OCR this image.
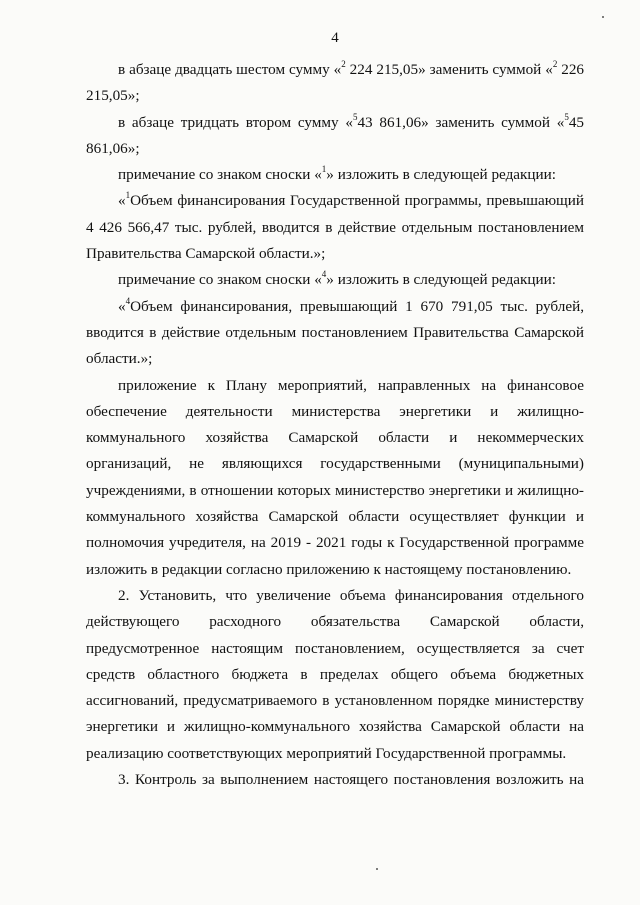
4

в абзаце двадцать шестом сумму «$^2$ 224 215,05» заменить суммой «$^2$ 226 215,05»;

в абзаце тридцать втором сумму «$^5$43 861,06» заменить суммой «$^5$45 861,06»;

примечание со знаком сноски «$^1$» изложить в следующей редакции:

«$^1$Объем финансирования Государственной программы, превышающий 4 426 566,47 тыс. рублей, вводится в действие отдельным постановлением Правительства Самарской области.»;

примечание со знаком сноски «$^4$» изложить в следующей редакции:

«$^4$Объем финансирования, превышающий 1 670 791,05 тыс. рублей, вводится в действие отдельным постановлением Правительства Самарской области.»;

приложение к Плану мероприятий, направленных на финансовое обеспечение деятельности министерства энергетики и жилищно-коммунального хозяйства Самарской области и некоммерческих организаций, не являющихся государственными (муниципальными) учреждениями, в отношении которых министерство энергетики и жилищно-коммунального хозяйства Самарской области осуществляет функции и полномочия учредителя, на 2019 - 2021 годы к Государственной программе изложить в редакции согласно приложению к настоящему постановлению.

2. Установить, что увеличение объема финансирования отдельного действующего расходного обязательства Самарской области, предусмотренное настоящим постановлением, осуществляется за счет средств областного бюджета в пределах общего объема бюджетных ассигнований, предусматриваемого в установленном порядке министерству энергетики и жилищно-коммунального хозяйства Самарской области на реализацию соответствующих мероприятий Государственной программы.

3. Контроль за выполнением настоящего постановления возложить на
